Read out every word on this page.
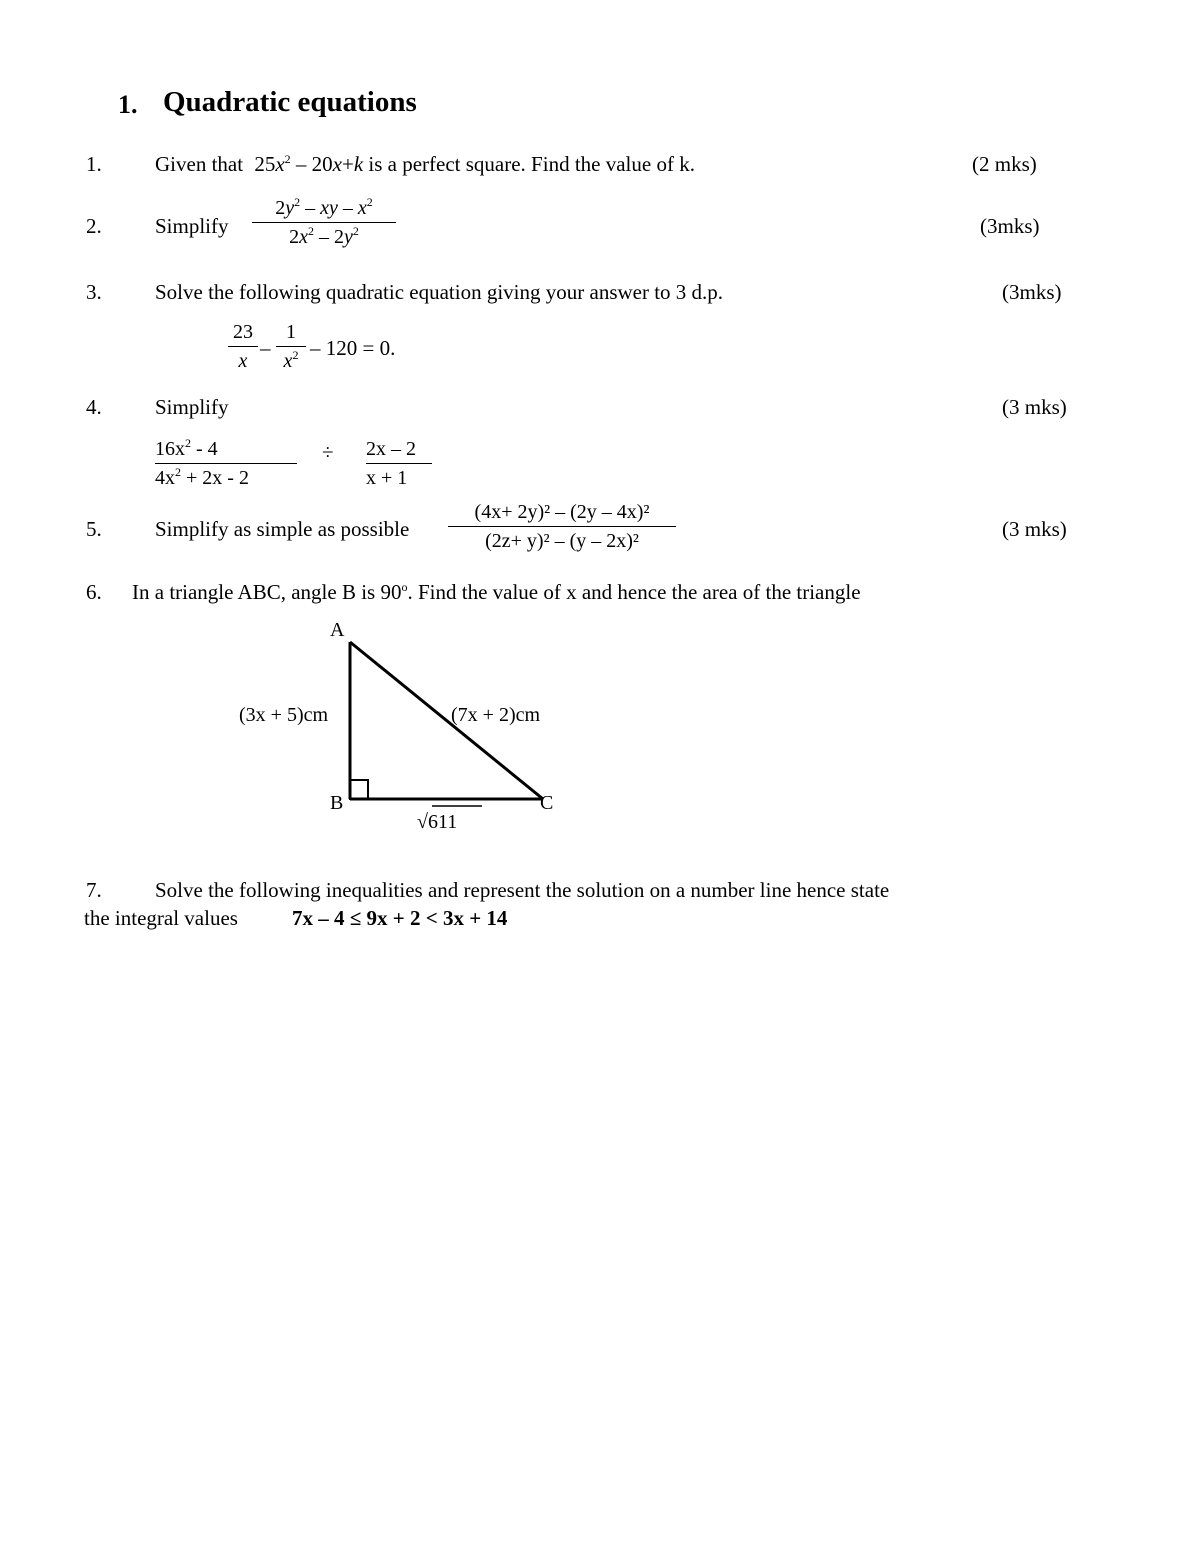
1. Quadratic equations
1.	Given that $25x^2 - 20x+k$ is a perfect square. Find the value of k.	(2 mks)
2.	Simplify
$2y^2$ – xy – $x^2$
$2x^2 - 2y^2$	(3mks)
3.	Solve the following quadratic equation giving your answer to 3 d.p.	(3mks)
23
x
–
1
$x^2 - 120 = 0$.
4.	Simplify	(3 mks)
$16x^2 - 4$
$4x^2 + 2x - 2$
÷ 2x – 2
x + 1
5.	Simplify as simple as possible
(4x+ 2y)² – (2y – 4x)²
(2z+ y)² – (y – 2x)²	(3 mks)
6. In a triangle ABC, angle B is 90$^o$. Find the value of x and hence the area of the triangle
A
B	C
(3x + 5)cm	(7x + 2)cm
√611
7.	Solve the following inequalities and represent the solution on a number line hence state
the integral values	7x – 4 ≤ 9x + 2 < 3x + 14
